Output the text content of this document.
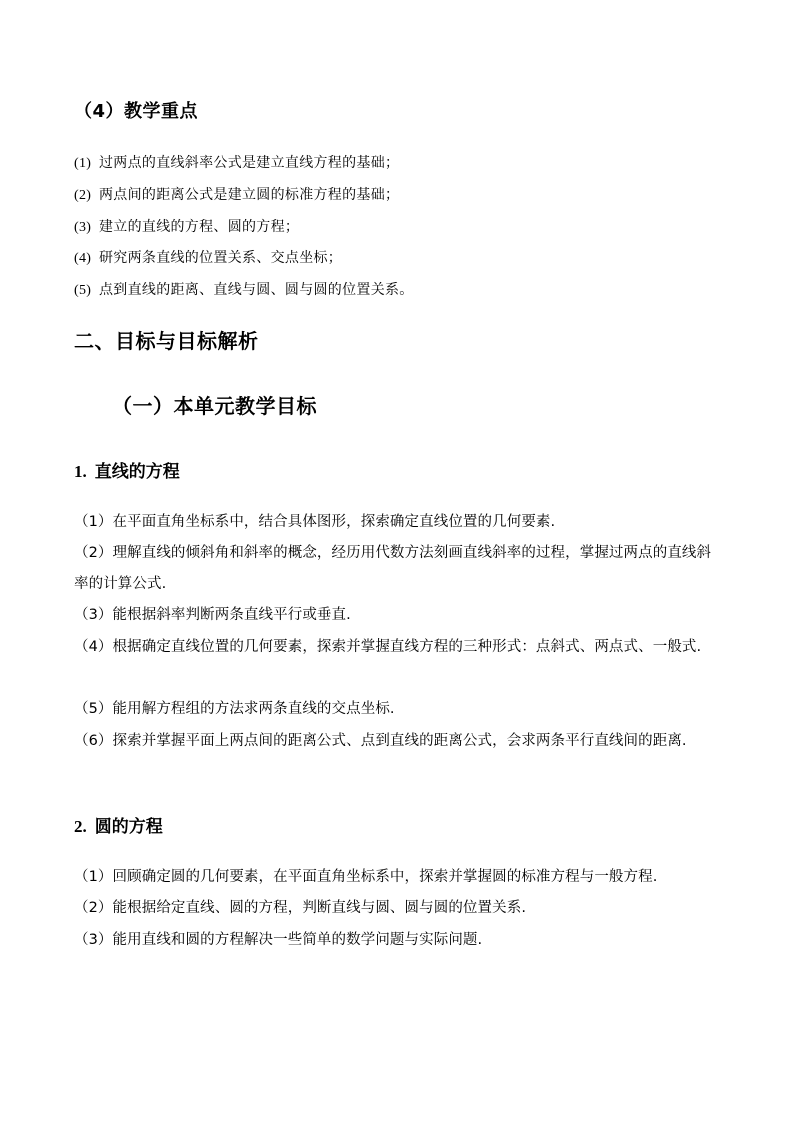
（4）教学重点
(1) 过两点的直线斜率公式是建立直线方程的基础；
(2) 两点间的距离公式是建立圆的标准方程的基础；
(3) 建立的直线的方程、圆的方程；
(4) 研究两条直线的位置关系、交点坐标；
(5) 点到直线的距离、直线与圆、圆与圆的位置关系。
二、目标与目标解析
（一）本单元教学目标
1. 直线的方程

（1）在平面直角坐标系中，结合具体图形，探索确定直线位置的几何要素.

（2）理解直线的倾斜角和斜率的概念，经历用代数方法刻画直线斜率的过程，掌握过两点的直线斜率的计算公式.

（3）能根据斜率判断两条直线平行或垂直.

（4）根据确定直线位置的几何要素，探索并掌握直线方程的三种形式：点斜式、两点式、一般式.

（5）能用解方程组的方法求两条直线的交点坐标.

（6）探索并掌握平面上两点间的距离公式、点到直线的距离公式，会求两条平行直线间的距离.

2. 圆的方程

（1）回顾确定圆的几何要素，在平面直角坐标系中，探索并掌握圆的标准方程与一般方程.

（2）能根据给定直线、圆的方程，判断直线与圆、圆与圆的位置关系.

（3）能用直线和圆的方程解决一些简单的数学问题与实际问题.
